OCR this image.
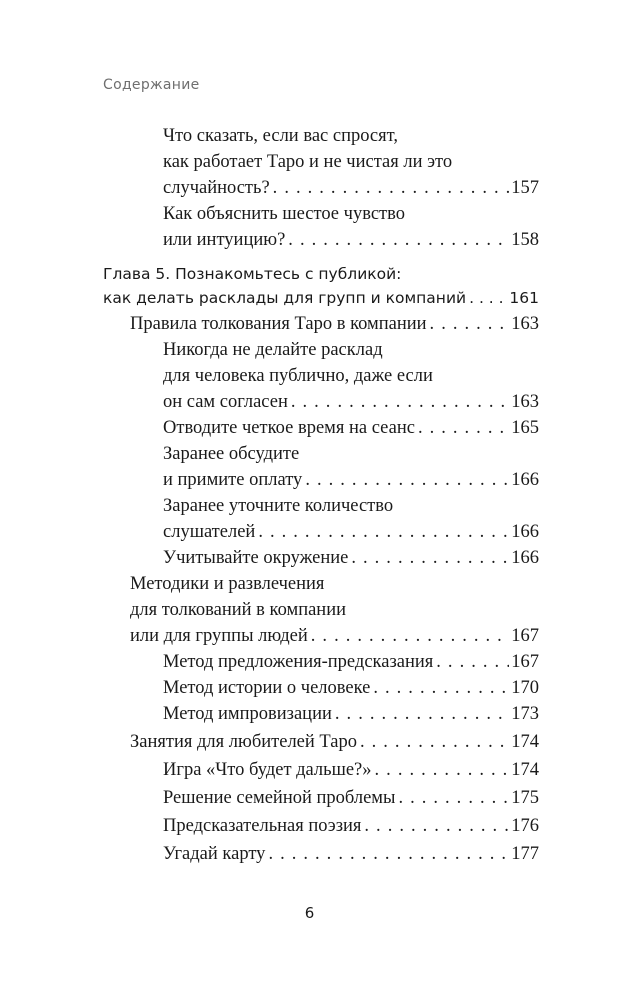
Содержание
Что сказать, если вас спросят,
как работает Таро и не чистая ли это
случайность? . . .	157
Как объяснить шестое чувство
или интуицию? . . .	158
Глава 5. Познакомьтесь с публикой:
как делать расклады для групп и компаний . . .	161
Правила толкования Таро в компании . . .	163
Никогда не делайте расклад
для человека публично, даже если
он сам согласен . . .	163
Отводите четкое время на сеанс . . .	165
Заранее обсудите
и примите оплату . . .	166
Заранее уточните количество
слушателей . . .	166
Учитывайте окружение . . .	166
Методики и развлечения
для толкований в компании
или для группы людей . . .	167
Метод предложения-предсказания . . .	167
Метод истории о человеке . . .	170
Метод импровизации . . .	173
Занятия для любителей Таро . . .	174
Игра «Что будет дальше?» . . .	174
Решение семейной проблемы . . .	175
Предсказательная поэзия . . .	176
Угадай карту . . .	177
6
